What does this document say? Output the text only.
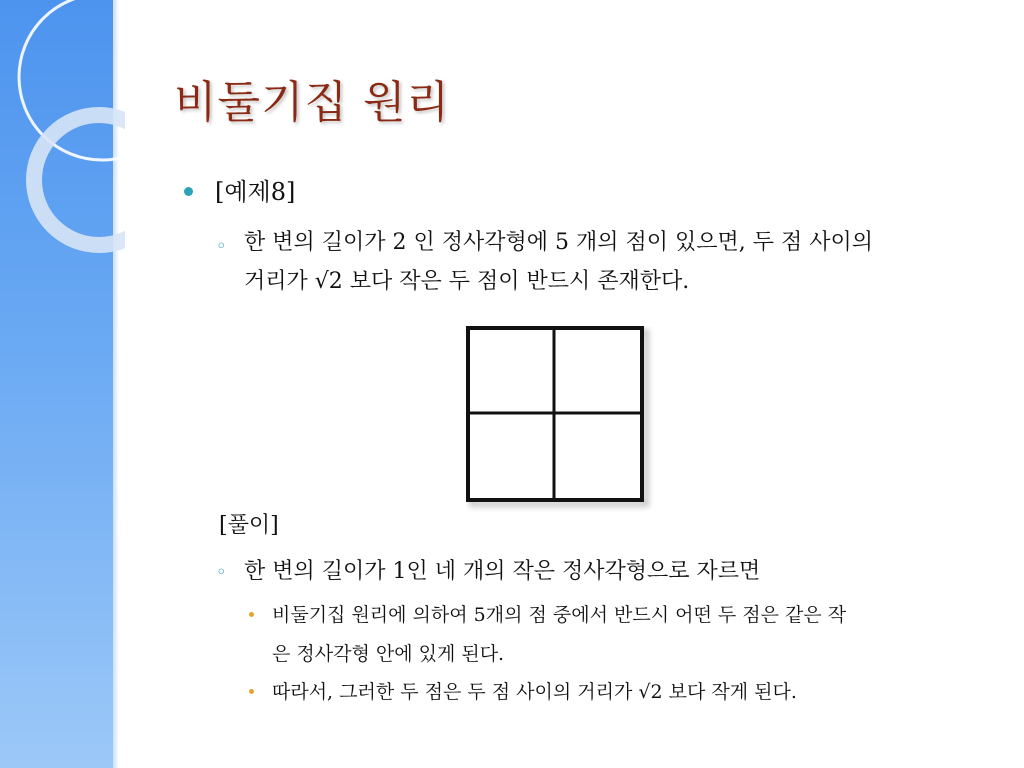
비둘기집 원리
[예제8]
◦ 한 변의 길이가 2 인 정사각형에 5 개의 점이 있으면, 두 점 사이의
거리가 √2 보다 작은 두 점이 반드시 존재한다.
[풀이]
◦ 한 변의 길이가 1인 네 개의 작은 정사각형으로 자르면
비둘기집 원리에 의하여 5개의 점 중에서 반드시 어떤 두 점은 같은 작
은 정사각형 안에 있게 된다.
따라서, 그러한 두 점은 두 점 사이의 거리가 √2 보다 작게 된다.
